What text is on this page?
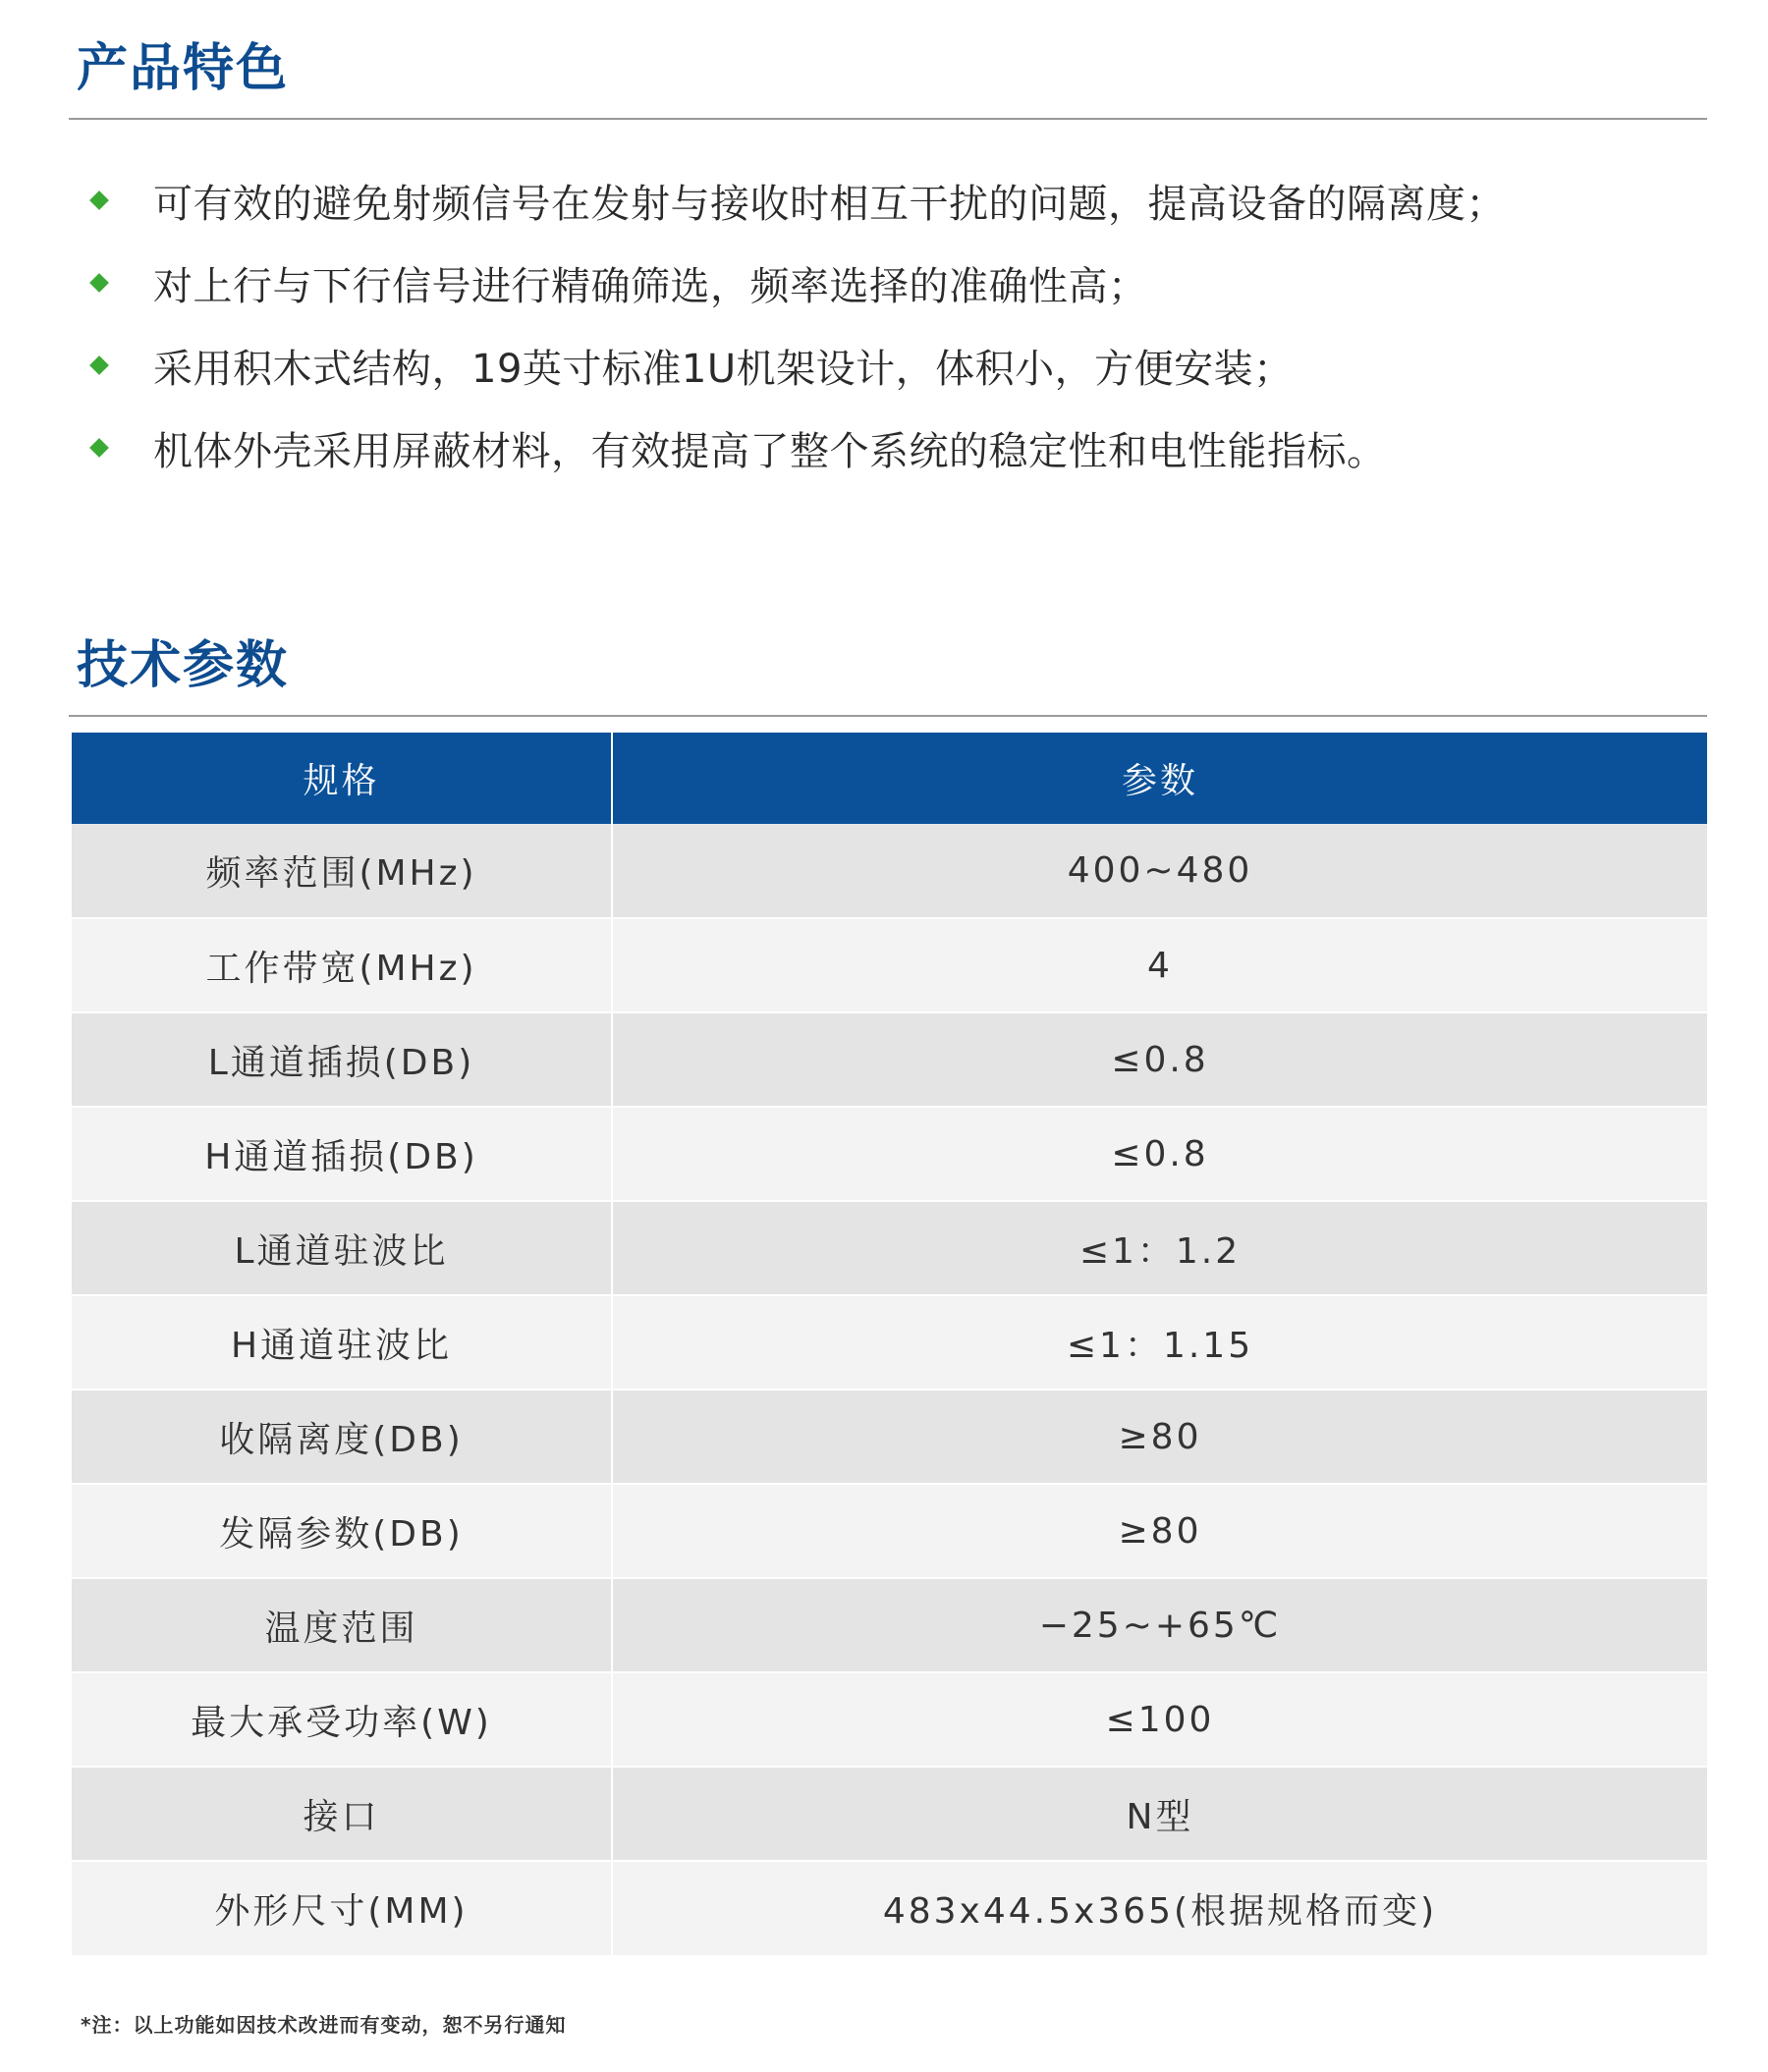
产品特色
可有效的避免射频信号在发射与接收时相互干扰的问题，提高设备的隔离度；
对上行与下行信号进行精确筛选，频率选择的准确性高；
采用积木式结构，19英寸标准1U机架设计，体积小，方便安装；
机体外壳采用屏蔽材料，有效提高了整个系统的稳定性和电性能指标。
技术参数
规格	参数
频率范围(MHz)	400~480
工作带宽(MHz)	4
L通道插损(DB)	≤0.8
H通道插损(DB)	≤0.8
L通道驻波比	≤1：1.2
H通道驻波比	≤1：1.15
收隔离度(DB)	≥80
发隔参数(DB)	≥80
温度范围	−25~+65℃
最大承受功率(W)	≤100
接口	N型
外形尺寸(MM)	483x44.5x365(根据规格而变)

*注：以上功能如因技术改进而有变动，恕不另行通知
